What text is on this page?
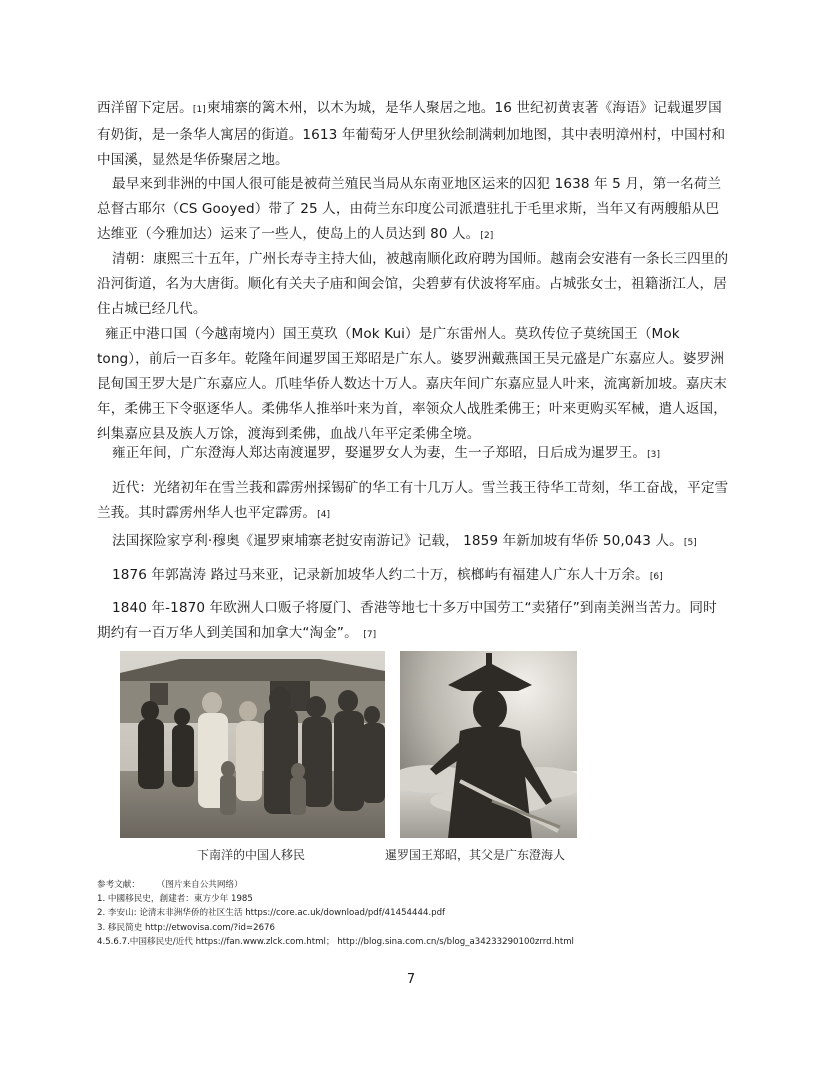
西洋留下定居。[1]柬埔寨的篱木州，以木为城，是华人聚居之地。16 世纪初黄衷著《海语》记载暹罗国有奶街，是一条华人寓居的街道。1613 年葡萄牙人伊里狄绘制满剌加地图，其中表明漳州村，中国村和中国溪，显然是华侨聚居之地。

最早来到非洲的中国人很可能是被荷兰殖民当局从东南亚地区运来的囚犯 1638 年 5 月，第一名荷兰总督古耶尔（CS Gooyed）带了 25 人，由荷兰东印度公司派遣驻扎于毛里求斯，当年又有两艘船从巴达维亚（今雅加达）运来了一些人，使岛上的人员达到 80 人。[2]

清朝：康熙三十五年，广州长寿寺主持大仙，被越南顺化政府聘为国师。越南会安港有一条长三四里的沿河街道，名为大唐街。顺化有关夫子庙和闽会馆，尖碧萝有伏波将军庙。占城张女士，祖籍浙江人，居住占城已经几代。

雍正中港口国（今越南境内）国王莫玖（Mok Kui）是广东雷州人。莫玖传位子莫统国王（Mok tong），前后一百多年。乾隆年间暹罗国王郑昭是广东人。婆罗洲戴燕国王吴元盛是广东嘉应人。婆罗洲昆甸国王罗大是广东嘉应人。爪哇华侨人数达十万人。嘉庆年间广东嘉应显人叶来，流寓新加坡。嘉庆末年，柔佛王下令驱逐华人。柔佛华人推举叶来为首，率领众人战胜柔佛王；叶来更购买军械，遣人返国，纠集嘉应县及族人万馀，渡海到柔佛，血战八年平定柔佛全境。

雍正年间，广东澄海人郑达南渡暹罗，娶暹罗女人为妻，生一子郑昭，日后成为暹罗王。[3]

近代：光绪初年在雪兰莪和霹雳州採锡矿的华工有十几万人。雪兰莪王待华工苛刻，华工奋战，平定雪兰莪。其时霹雳州华人也平定霹雳。[4]

法国探险家亨利·穆奥《暹罗柬埔寨老挝安南游记》记载， 1859 年新加坡有华侨 50,043 人。[5]

1876 年郭嵩涛 路过马来亚，记录新加坡华人约二十万，槟榔屿有福建人广东人十万余。[6]

1840 年-1870 年欧洲人口贩子将厦门、香港等地七十多万中国劳工“卖猪仔”到南美洲当苦力。同时期约有一百万华人到美国和加拿大“淘金”。 [7]

下南洋的中国人移民	暹罗国王郑昭，其父是广东澄海人
参考文献： （图片来自公共网络）
1. 中國移民史，創建者：東方少年 1985
2. 李安山: 论清末非洲华侨的社区生活 https://core.ac.uk/download/pdf/41454444.pdf
3. 移民简史 http://etwovisa.com/?id=2676
4.5.6.7.中国移民史/近代 https://fan.www.zlck.com.html； http://blog.sina.com.cn/s/blog_a34233290100zrrd.html
7
